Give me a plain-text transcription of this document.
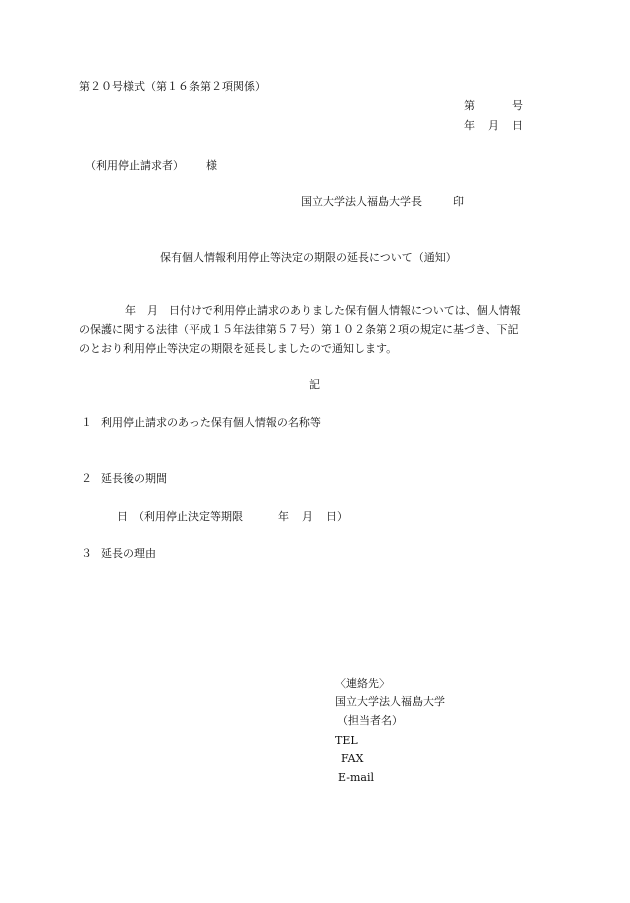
第２０号様式（第１６条第２項関係）
第	号
年 月 日
（利用停止請求者） 様
国立大学法人福島大学長	印
保有個人情報利用停止等決定の期限の延長について（通知）
年 月 日付けで利用停止請求のありました保有個人情報については、個人情報
の保護に関する法律（平成１５年法律第５７号）第１０２条第２項の規定に基づき、下記
のとおり利用停止等決定の期限を延長しましたので通知します。
記
１ 利用停止請求のあった保有個人情報の名称等
２ 延長後の期間
日 （利用停止決定等期限	年 月 日）
３ 延長の理由
〈連絡先〉
国立大学法人福島大学
（担当者名）
TEL
FAX
E-mail
